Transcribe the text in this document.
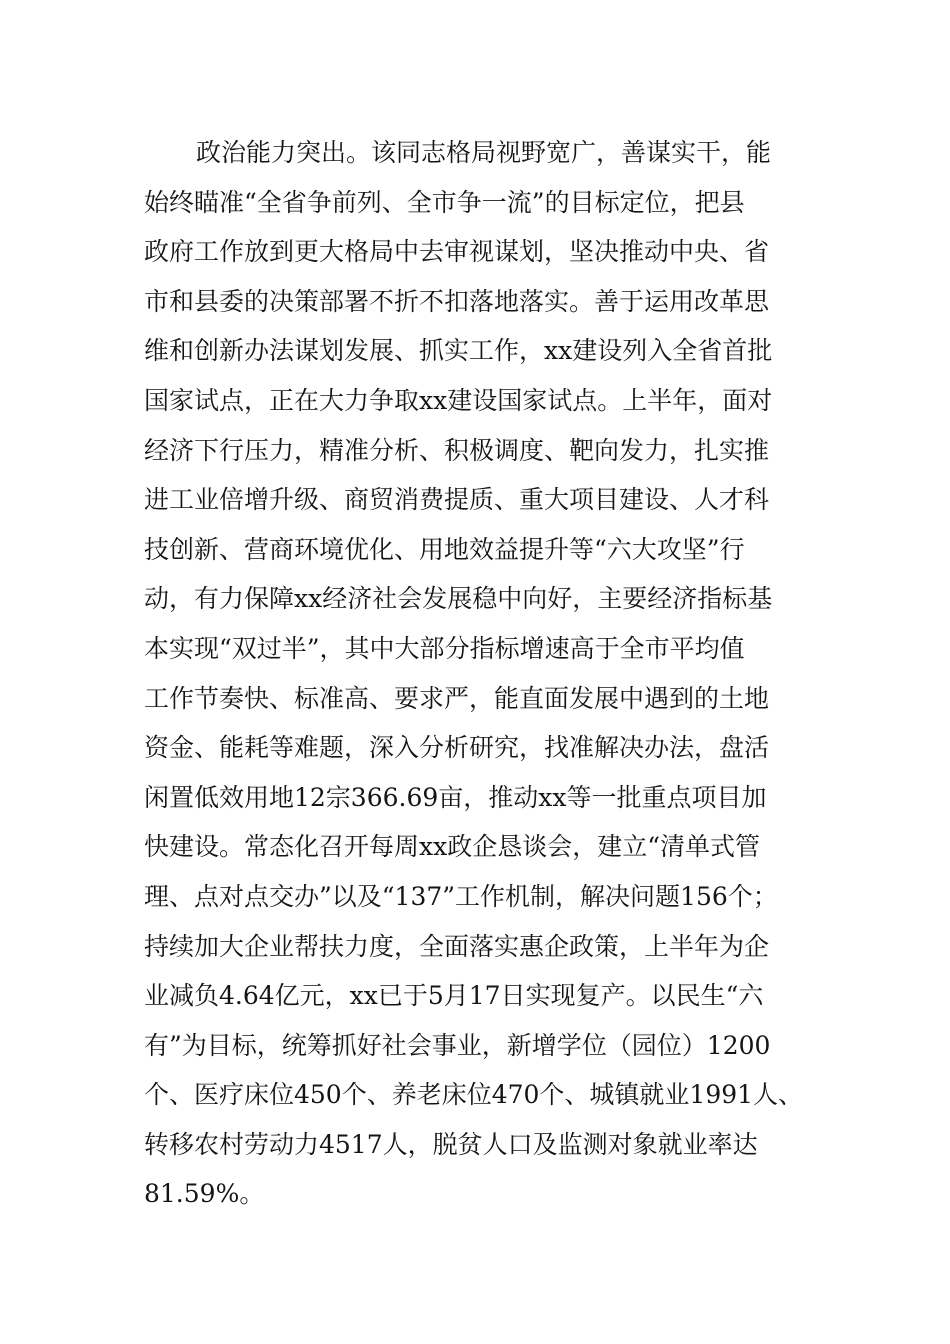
政治能力突出。该同志格局视野宽广，善谋实干，能
始终瞄准“全省争前列、全市争一流”的目标定位，把县
政府工作放到更大格局中去审视谋划，坚决推动中央、省
市和县委的决策部署不折不扣落地落实。善于运用改革思
维和创新办法谋划发展、抓实工作，xx建设列入全省首批
国家试点，正在大力争取xx建设国家试点。上半年，面对
经济下行压力，精准分析、积极调度、靶向发力，扎实推
进工业倍增升级、商贸消费提质、重大项目建设、人才科
技创新、营商环境优化、用地效益提升等“六大攻坚”行
动，有力保障xx经济社会发展稳中向好，主要经济指标基
本实现“双过半”，其中大部分指标增速高于全市平均值
工作节奏快、标准高、要求严，能直面发展中遇到的土地
资金、能耗等难题，深入分析研究，找准解决办法，盘活
闲置低效用地12宗366.69亩，推动xx等一批重点项目加
快建设。常态化召开每周xx政企恳谈会，建立“清单式管
理、点对点交办”以及“137”工作机制，解决问题156个；
持续加大企业帮扶力度，全面落实惠企政策，上半年为企
业减负4.64亿元，xx已于5月17日实现复产。以民生“六
有”为目标，统筹抓好社会事业，新增学位（园位）1200
个、医疗床位450个、养老床位470个、城镇就业1991人、
转移农村劳动力4517人，脱贫人口及监测对象就业率达
81.59%。
